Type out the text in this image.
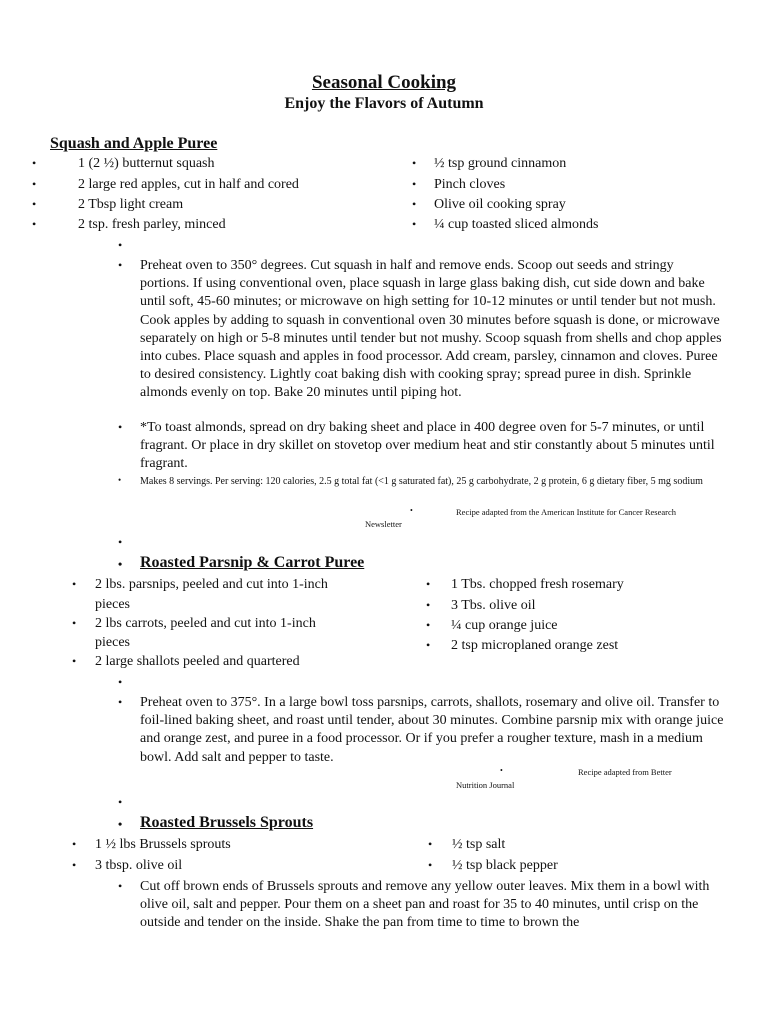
Seasonal Cooking
Enjoy the Flavors of Autumn
Squash and Apple Puree
•	1 (2 ½) butternut squash
•	2 large red apples, cut in half and cored
•	2 Tbsp light cream
•	2 tsp. fresh parley, minced
• ½ tsp ground cinnamon
• Pinch cloves
• Olive oil cooking spray
• ¼ cup toasted sliced almonds
•
• Preheat oven to 350° degrees. Cut squash in half and remove ends. Scoop out seeds and stringy portions. If using conventional oven, place squash in large glass baking dish, cut side down and bake until soft, 45-60 minutes; or microwave on high setting for 10-12 minutes or until tender but not mush. Cook apples by adding to squash in conventional oven 30 minutes before squash is done, or microwave separately on high or 5-8 minutes until tender but not mushy. Scoop squash from shells and chop apples into cubes. Place squash and apples in food processor. Add cream, parsley, cinnamon and cloves. Puree to desired consistency. Lightly coat baking dish with cooking spray; spread puree in dish. Sprinkle almonds evenly on top. Bake 20 minutes until piping hot.
• *To toast almonds, spread on dry baking sheet and place in 400 degree oven for 5-7 minutes, or until fragrant. Or place in dry skillet on stovetop over medium heat and stir constantly about 5 minutes until fragrant.
• Makes 8 servings. Per serving: 120 calories, 2.5 g total fat (<1 g saturated fat), 25 g carbohydrate, 2 g protein, 6 g dietary fiber, 5 mg sodium
•	Recipe adapted from the American Institute for Cancer Research
Newsletter
•
• Roasted Parsnip & Carrot Puree
• 2 lbs. parsnips, peeled and cut into 1-inch
pieces
• 2 lbs carrots, peeled and cut into 1-inch
pieces
• 2 large shallots peeled and quartered
• 1 Tbs. chopped fresh rosemary
• 3 Tbs. olive oil
• ¼ cup orange juice
• 2 tsp microplaned orange zest
•
• Preheat oven to 375°. In a large bowl toss parsnips, carrots, shallots, rosemary and olive oil. Transfer to foil-lined baking sheet, and roast until tender, about 30 minutes. Combine parsnip mix with orange juice and orange zest, and puree in a food processor. Or if you prefer a rougher texture, mash in a medium bowl. Add salt and pepper to taste.
•	Recipe adapted from Better
Nutrition Journal
•
• Roasted Brussels Sprouts
• 1 ½ lbs Brussels sprouts
• 3 tbsp. olive oil
• ½ tsp salt
• ½ tsp black pepper
• Cut off brown ends of Brussels sprouts and remove any yellow outer leaves. Mix them in a bowl with olive oil, salt and pepper. Pour them on a sheet pan and roast for 35 to 40 minutes, until crisp on the outside and tender on the inside. Shake the pan from time to time to brown the
